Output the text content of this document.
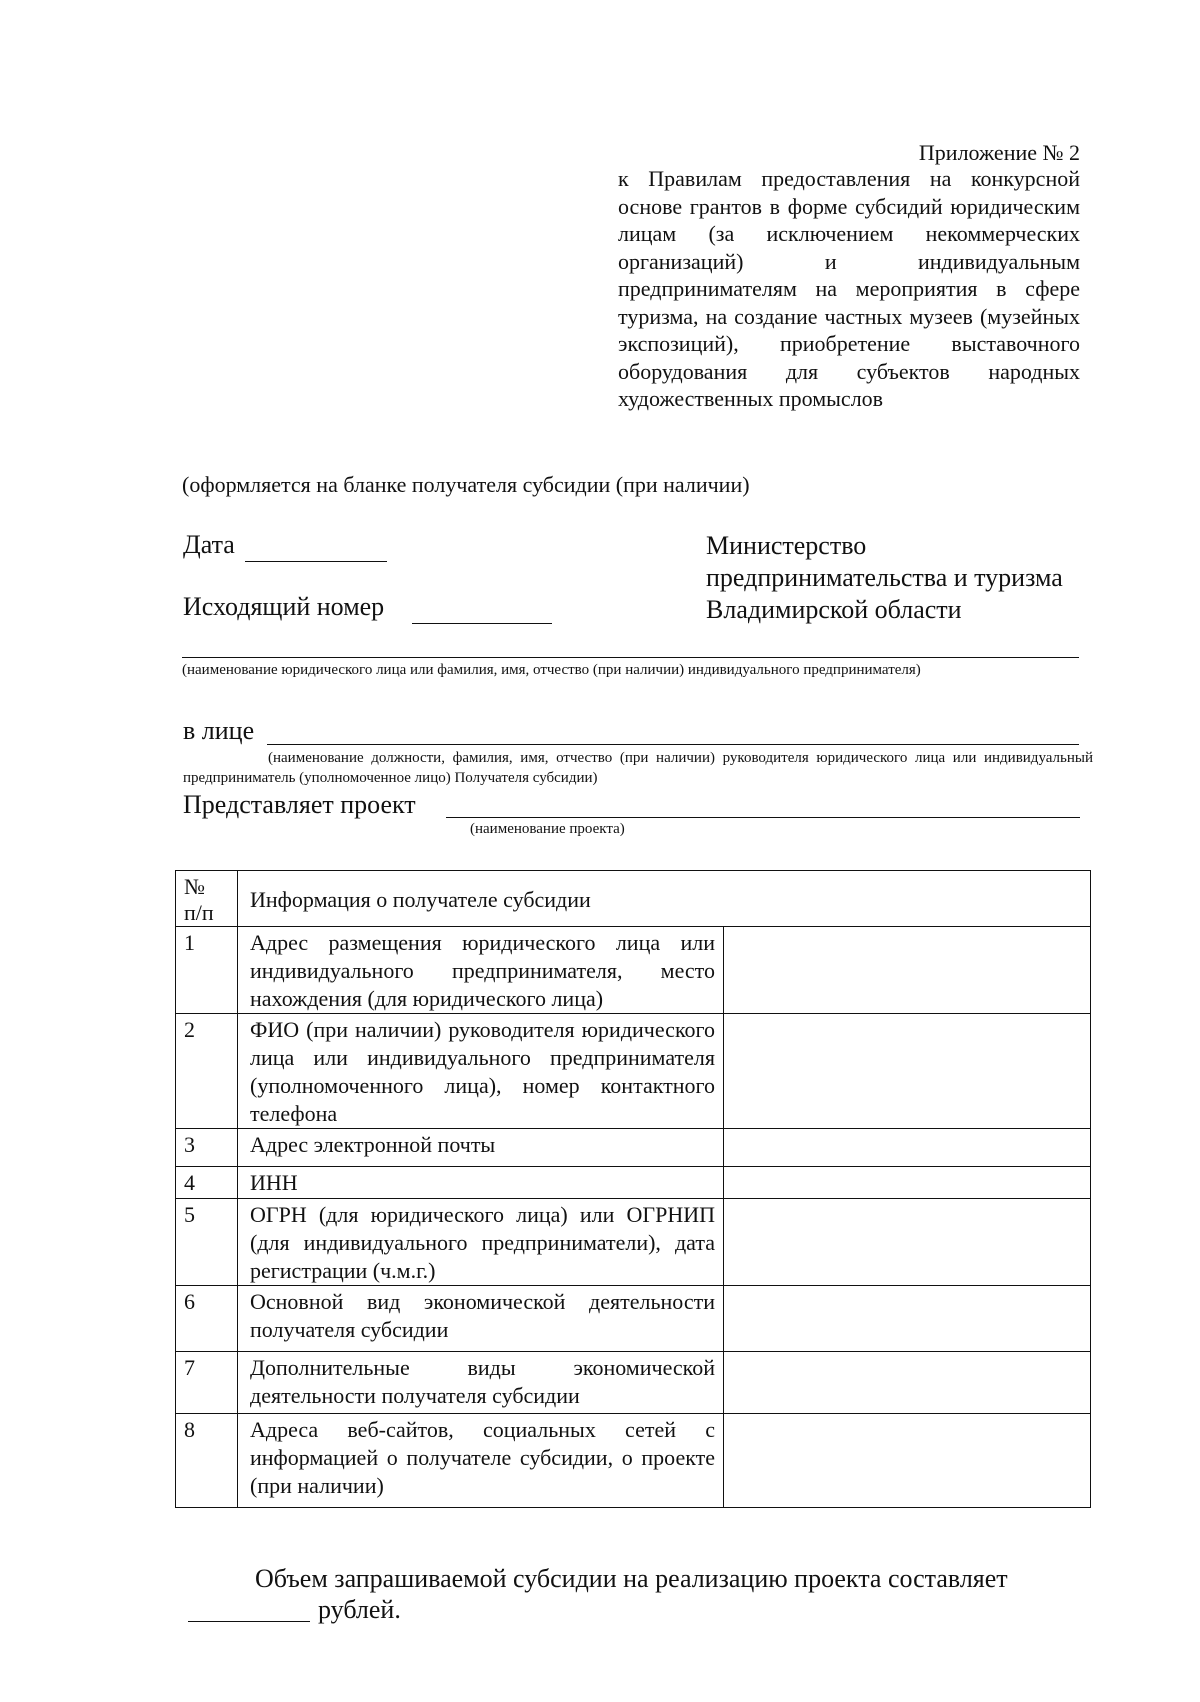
Приложение № 2
к Правилам предоставления на конкурсной основе грантов в форме субсидий юридическим лицам (за исключением некоммерческих организаций) и индивидуальным предпринимателям на мероприятия в сфере туризма, на создание частных музеев (музейных экспозиций), приобретение выставочного оборудования для субъектов народных художественных промыслов
(оформляется на бланке получателя субсидии (при наличии)
Дата
Исходящий номер
Министерство
предпринимательства и туризма
Владимирской области
(наименование юридического лица или фамилия, имя, отчество (при наличии) индивидуального предпринимателя)
в лице
(наименование должности, фамилия, имя, отчество (при наличии) руководителя юридического лица или индивидуальный предприниматель (уполномоченное лицо) Получателя субсидии)
Представляет проект
(наименование проекта)
№
п/п	Информация о получателе субсидии	
1	Адрес размещения юридического лица или индивидуального предпринимателя, место нахождения (для юридического лица)	
2	ФИО (при наличии) руководителя юридического лица или индивидуального предпринимателя (уполномоченного лица), номер контактного телефона	
3	Адрес электронной почты	
4	ИНН	
5	ОГРН (для юридического лица) или ОГРНИП (для индивидуального предприниматели), дата регистрации (ч.м.г.)	
6	Основной вид экономической деятельности получателя субсидии	
7	Дополнительные виды экономической деятельности получателя субсидии	
8	Адреса веб-сайтов, социальных сетей с информацией о получателе субсидии, о проекте (при наличии)	
Объем запрашиваемой субсидии на реализацию проекта составляет
рублей.
